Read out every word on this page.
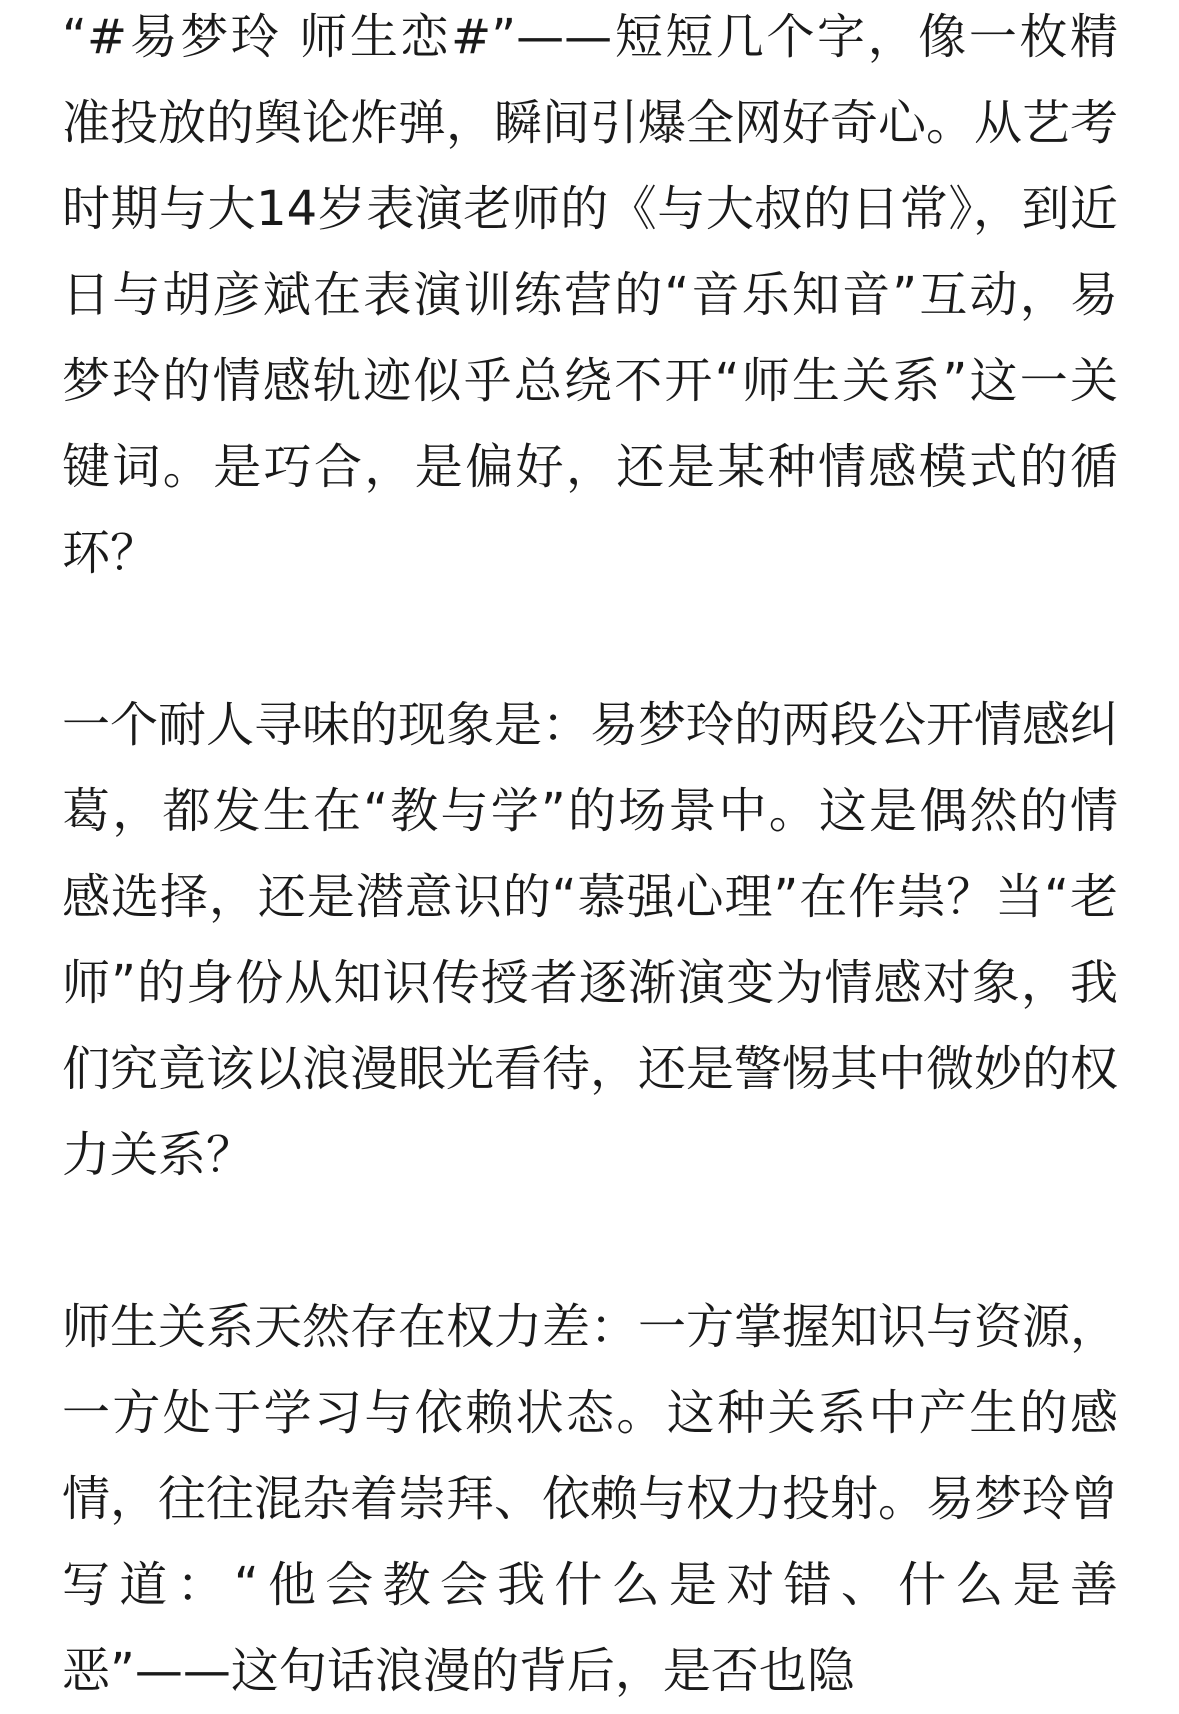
“#易梦玲 师生恋#”——短短几个字，像一枚精准投放的舆论炸弹，瞬间引爆全网好奇心。从艺考时期与大14岁表演老师的《与大叔的日常》，到近日与胡彦斌在表演训练营的“音乐知音”互动，易梦玲的情感轨迹似乎总绕不开“师生关系”这一关键词。是巧合，是偏好，还是某种情感模式的循环？

一个耐人寻味的现象是：易梦玲的两段公开情感纠葛，都发生在“教与学”的场景中。这是偶然的情感选择，还是潜意识的“慕强心理”在作祟？当“老师”的身份从知识传授者逐渐演变为情感对象，我们究竟该以浪漫眼光看待，还是警惕其中微妙的权力关系？

师生关系天然存在权力差：一方掌握知识与资源，一方处于学习与依赖状态。这种关系中产生的感情，往往混杂着崇拜、依赖与权力投射。易梦玲曾写道：“他会教会我什么是对错、什么是善恶”——这句话浪漫的背后，是否也隐
